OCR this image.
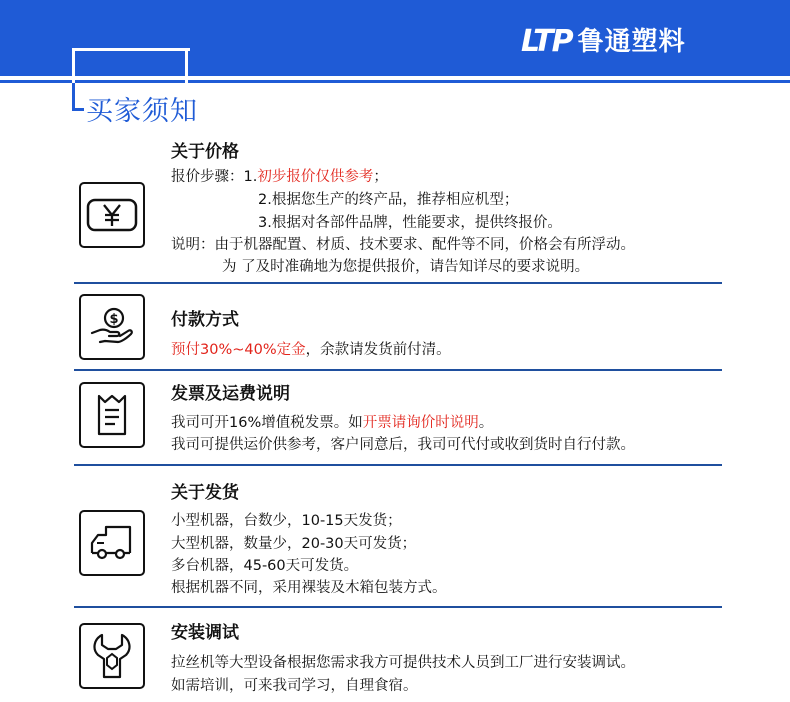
LTP 鲁通塑料
买家须知
关于价格
报价步骤：1.初步报价仅供参考；
2.根据您生产的终产品，推荐相应机型；
3.根据对各部件品牌，性能要求，提供终报价。
说明：由于机器配置、材质、技术要求、配件等不同，价格会有所浮动。
为 了及时准确地为您提供报价，请告知详尽的要求说明。
$	付款方式
预付30%~40%定金，余款请发货前付清。
发票及运费说明
我司可开16%增值税发票。如开票请询价时说明。
我司可提供运价供参考，客户同意后，我司可代付或收到货时自行付款。
关于发货
小型机器，台数少，10-15天发货；
大型机器，数量少，20-30天可发货；
多台机器，45-60天可发货。
根据机器不同，采用裸装及木箱包装方式。
安装调试
拉丝机等大型设备根据您需求我方可提供技术人员到工厂进行安装调试。
如需培训，可来我司学习，自理食宿。
